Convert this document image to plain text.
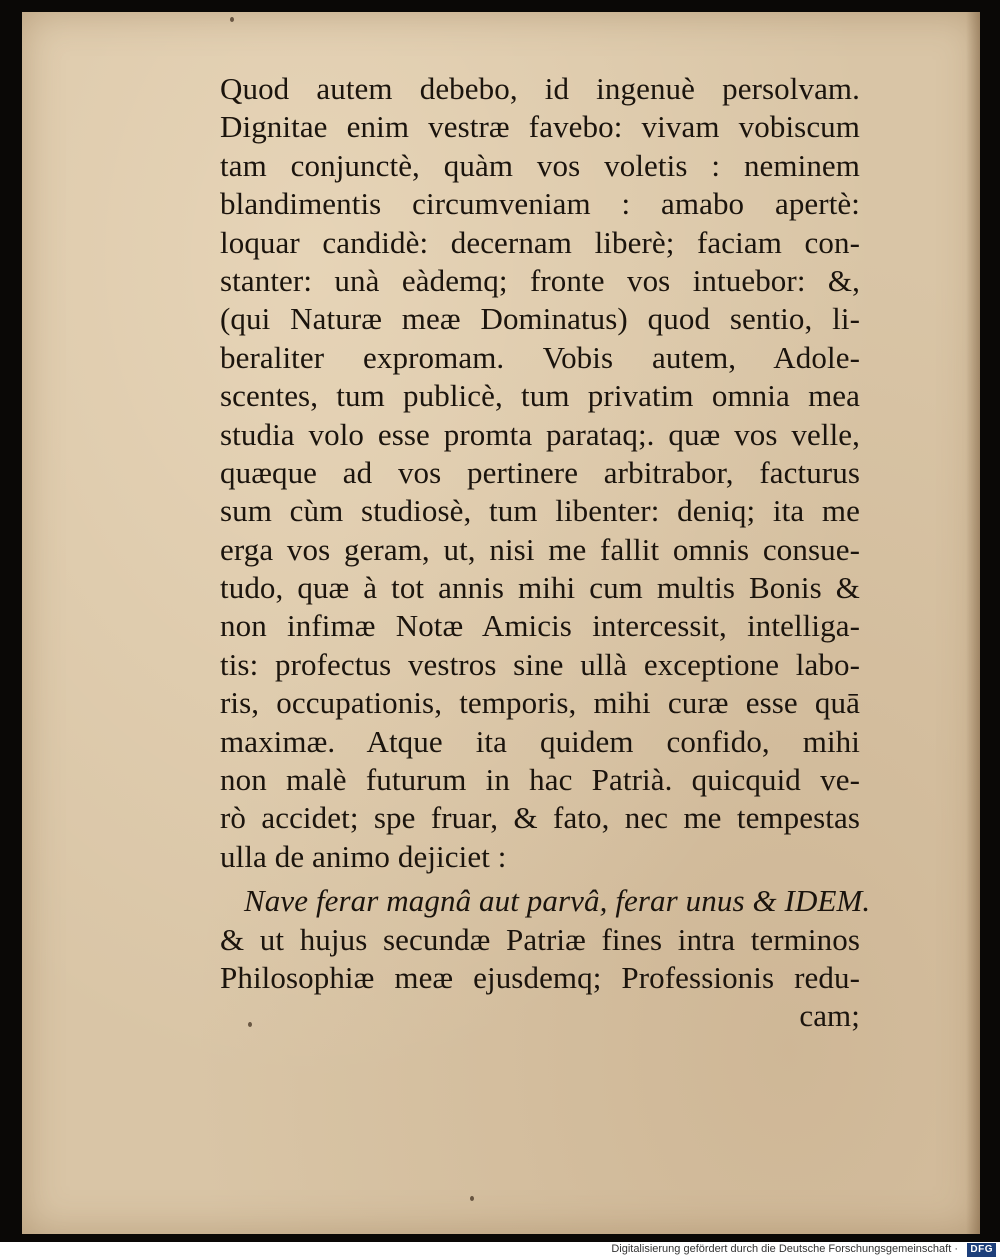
Quod autem debebo, id ingenuè persolvam.
Dignitae enim vestræ favebo: vivam vobiscum
tam conjunctè, quàm vos voletis : neminem
blandimentis circumveniam : amabo apertè:
loquar candidè: decernam liberè; faciam con-
stanter: unà eàdemq; fronte vos intuebor: &,
(qui Naturæ meæ Dominatus) quod sentio, li-
beraliter expromam. Vobis autem, Adole-
scentes, tum publicè, tum privatim omnia mea
studia volo esse promta parataq;. quæ vos velle,
quæque ad vos pertinere arbitrabor, facturus
sum cùm studiosè, tum libenter: deniq; ita me
erga vos geram, ut, nisi me fallit omnis consue-
tudo, quæ à tot annis mihi cum multis Bonis &
non infimæ Notæ Amicis intercessit, intelliga-
tis: profectus vestros sine ullà exceptione labo-
ris, occupationis, temporis, mihi curæ esse quā
maximæ. Atque ita quidem confido, mihi
non malè futurum in hac Patrià. quicquid ve-
rò accidet; spe fruar, & fato, nec me tempestas
ulla de animo dejiciet :
Nave ferar magnâ aut parvâ, ferar unus & IDEM.
& ut hujus secundæ Patriæ fines intra terminos
Philosophiæ meæ ejusdemq; Professionis redu-
cam;
Digitalisierung gefördert durch die Deutsche Forschungsgemeinschaft ·	DFG
